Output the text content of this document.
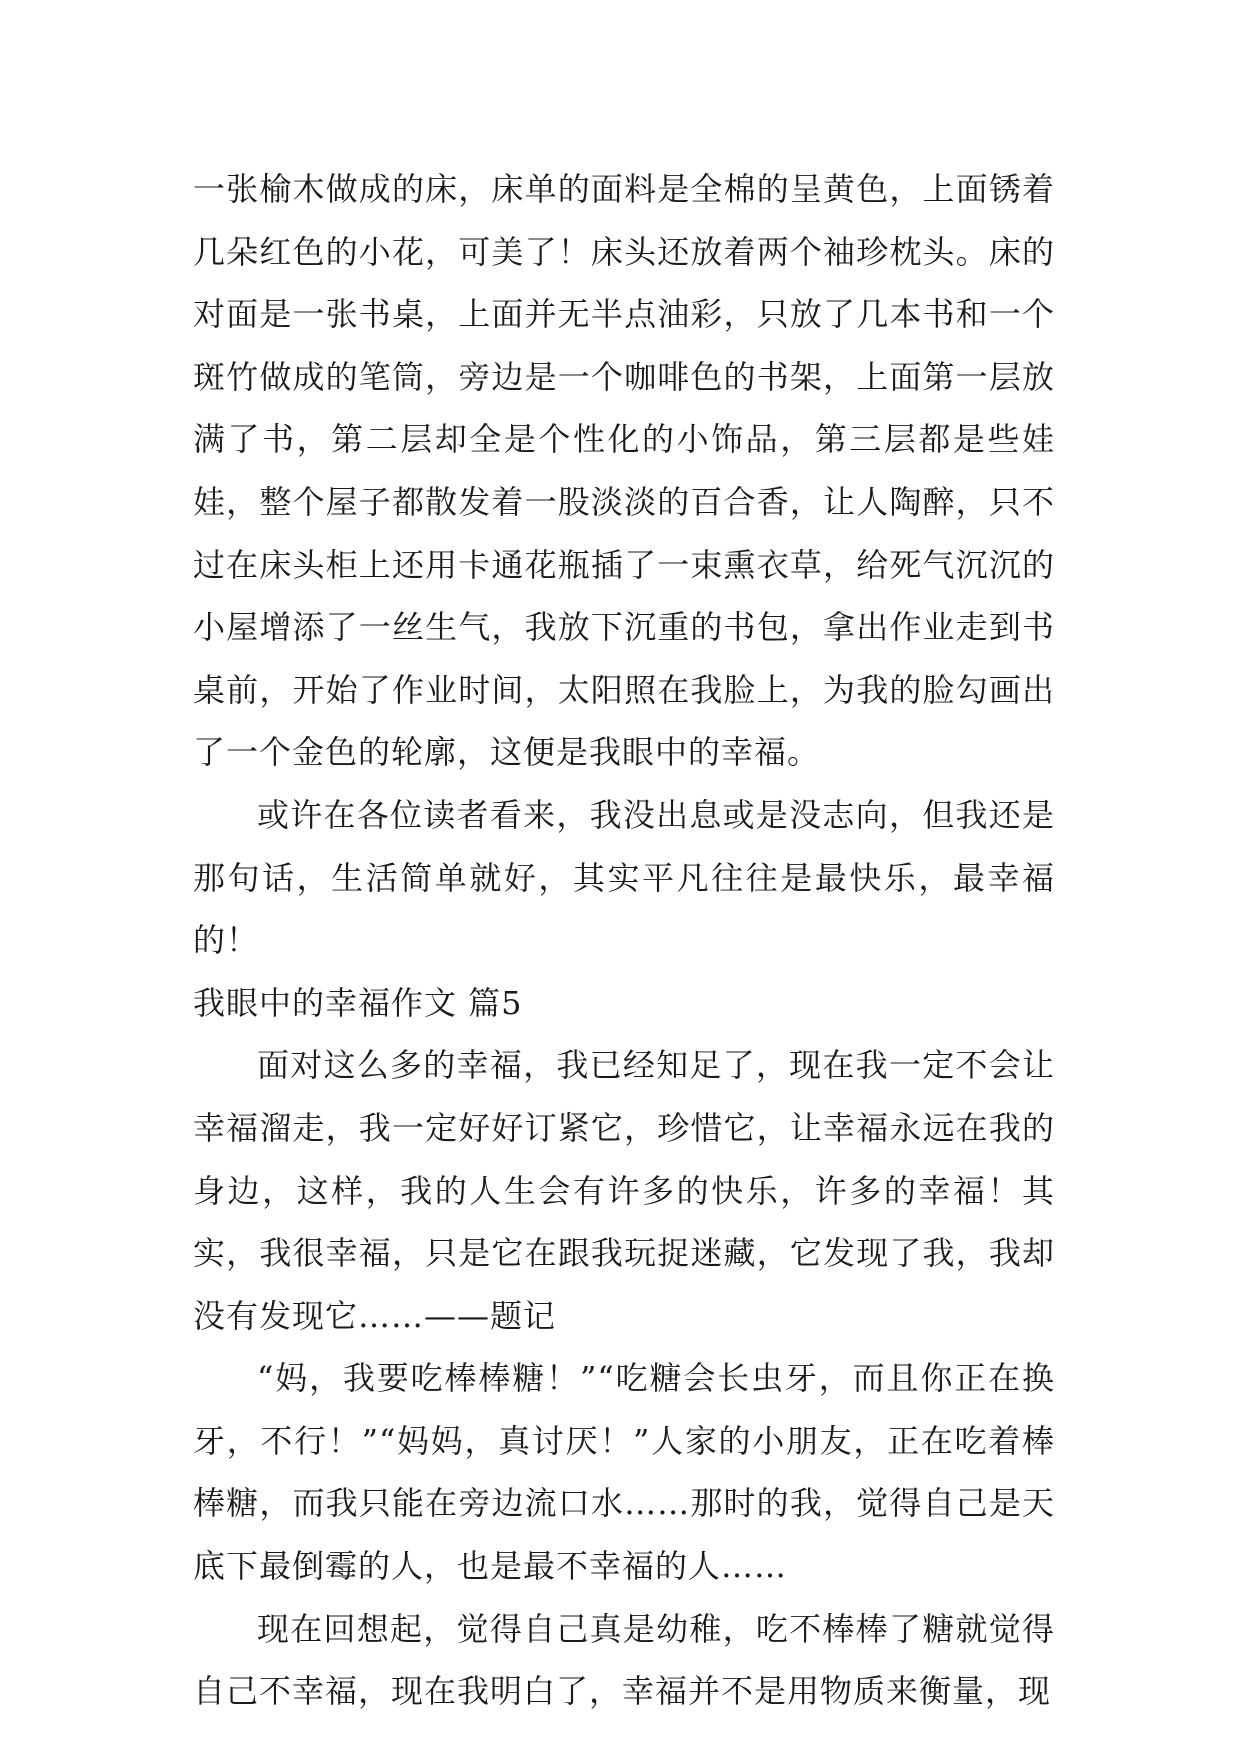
一张榆木做成的床，床单的面料是全棉的呈黄色，上面锈着几朵红色的小花，可美了！床头还放着两个袖珍枕头。床的对面是一张书桌，上面并无半点油彩，只放了几本书和一个斑竹做成的笔筒，旁边是一个咖啡色的书架，上面第一层放满了书，第二层却全是个性化的小饰品，第三层都是些娃娃，整个屋子都散发着一股淡淡的百合香，让人陶醉，只不过在床头柜上还用卡通花瓶插了一束熏衣草，给死气沉沉的小屋增添了一丝生气，我放下沉重的书包，拿出作业走到书桌前，开始了作业时间，太阳照在我脸上，为我的脸勾画出了一个金色的轮廓，这便是我眼中的幸福。

或许在各位读者看来，我没出息或是没志向，但我还是那句话，生活简单就好，其实平凡往往是最快乐，最幸福的！

我眼中的幸福作文 篇5

面对这么多的幸福，我已经知足了，现在我一定不会让幸福溜走，我一定好好订紧它，珍惜它，让幸福永远在我的身边，这样，我的人生会有许多的快乐，许多的幸福！其实，我很幸福，只是它在跟我玩捉迷藏，它发现了我，我却没有发现它……——题记

“妈，我要吃棒棒糖！”“吃糖会长虫牙，而且你正在换牙，不行！”“妈妈，真讨厌！”人家的小朋友，正在吃着棒棒糖，而我只能在旁边流口水……那时的我，觉得自己是天底下最倒霉的人，也是最不幸福的人……

现在回想起，觉得自己真是幼稚，吃不棒棒了糖就觉得自己不幸福，现在我明白了，幸福并不是用物质来衡量，现
